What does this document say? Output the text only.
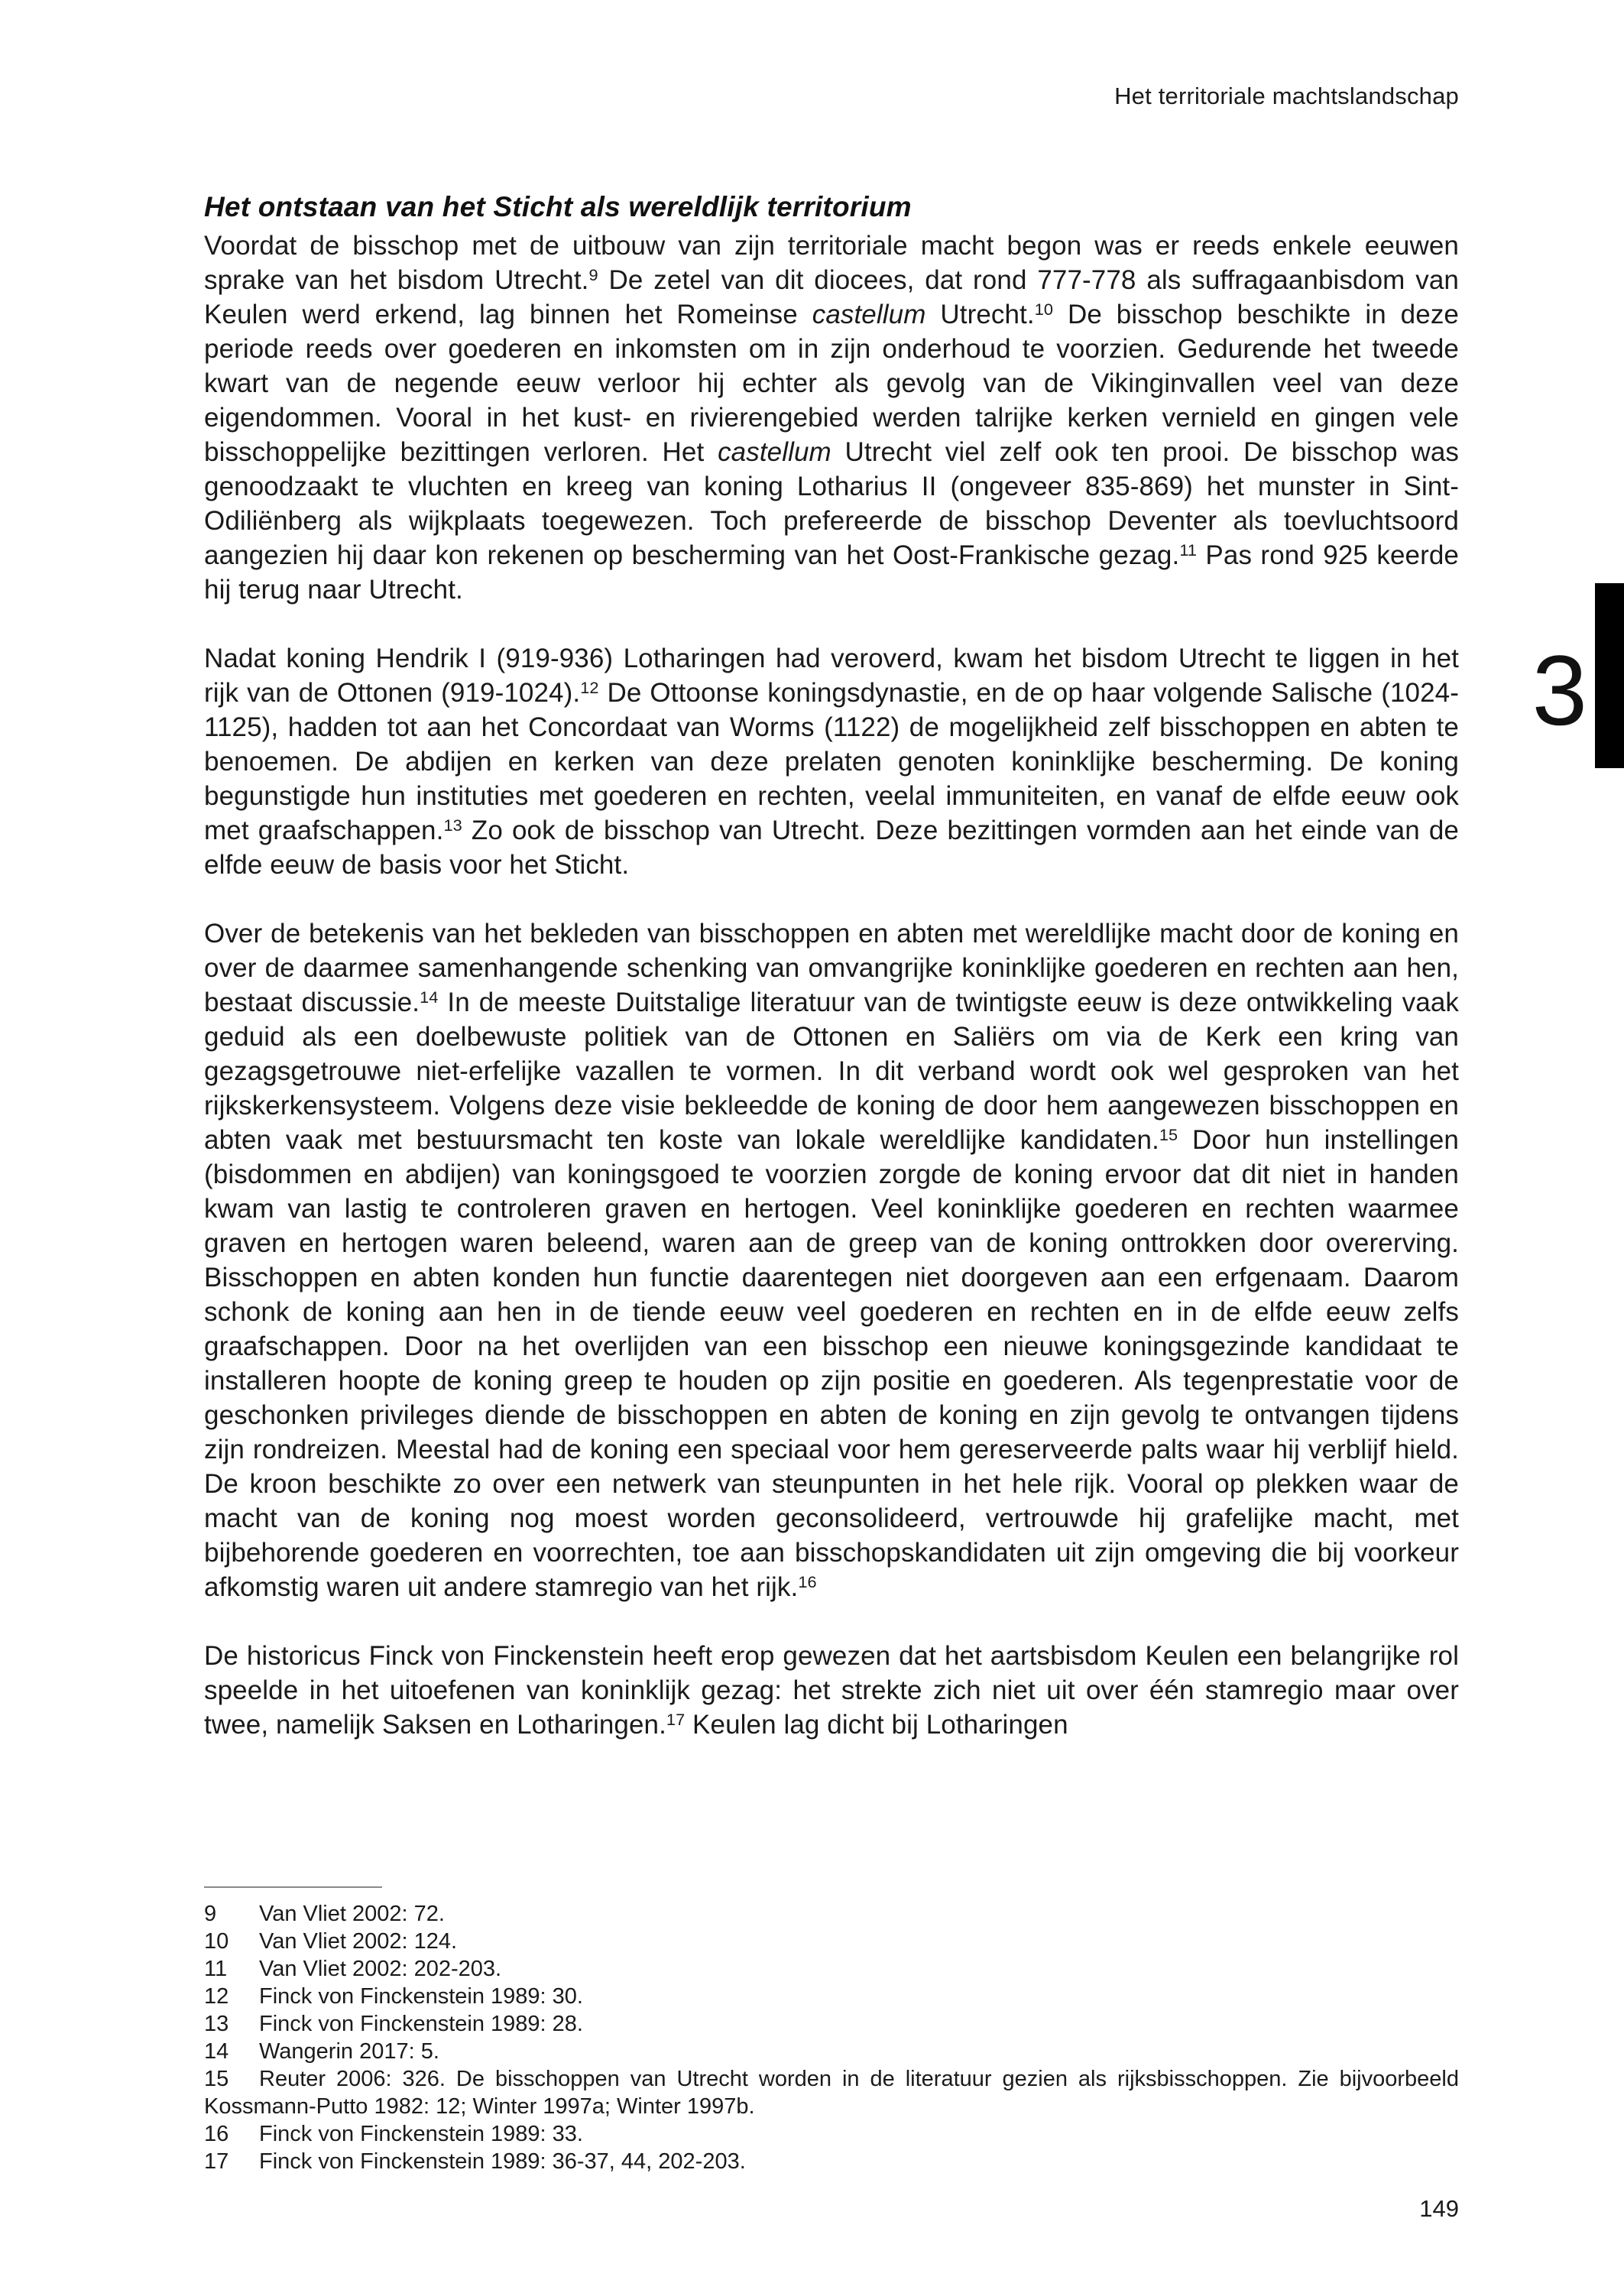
Het territoriale machtslandschap
3
Het ontstaan van het Sticht als wereldlijk territorium

Voordat de bisschop met de uitbouw van zijn territoriale macht begon was er reeds enkele eeuwen sprake van het bisdom Utrecht.$^9$ De zetel van dit diocees, dat rond 777-778 als suffragaanbisdom van Keulen werd erkend, lag binnen het Romeinse castellum Utrecht.$^{10}$ De bisschop beschikte in deze periode reeds over goederen en inkomsten om in zijn onderhoud te voorzien. Gedurende het tweede kwart van de negende eeuw verloor hij echter als gevolg van de Vikinginvallen veel van deze eigendommen. Vooral in het kust- en rivierengebied werden talrijke kerken vernield en gingen vele bisschoppelijke bezittingen verloren. Het castellum Utrecht viel zelf ook ten prooi. De bisschop was genoodzaakt te vluchten en kreeg van koning Lotharius II (ongeveer 835-869) het munster in Sint-Odiliënberg als wijkplaats toegewezen. Toch prefereerde de bisschop Deventer als toevluchtsoord aangezien hij daar kon rekenen op bescherming van het Oost-Frankische gezag.$^{11}$ Pas rond 925 keerde hij terug naar Utrecht.

Nadat koning Hendrik I (919-936) Lotharingen had veroverd, kwam het bisdom Utrecht te liggen in het rijk van de Ottonen (919-1024).$^{12}$ De Ottoonse koningsdynastie, en de op haar volgende Salische (1024-1125), hadden tot aan het Concordaat van Worms (1122) de mogelijkheid zelf bisschoppen en abten te benoemen. De abdijen en kerken van deze prelaten genoten koninklijke bescherming. De koning begunstigde hun instituties met goederen en rechten, veelal immuniteiten, en vanaf de elfde eeuw ook met graafschappen.$^{13}$ Zo ook de bisschop van Utrecht. Deze bezittingen vormden aan het einde van de elfde eeuw de basis voor het Sticht.

Over de betekenis van het bekleden van bisschoppen en abten met wereldlijke macht door de koning en over de daarmee samenhangende schenking van omvangrijke koninklijke goederen en rechten aan hen, bestaat discussie.$^{14}$ In de meeste Duitstalige literatuur van de twintigste eeuw is deze ontwikkeling vaak geduid als een doelbewuste politiek van de Ottonen en Saliërs om via de Kerk een kring van gezagsgetrouwe niet-erfelijke vazallen te vormen. In dit verband wordt ook wel gesproken van het rijkskerkensysteem. Volgens deze visie bekleedde de koning de door hem aangewezen bisschoppen en abten vaak met bestuursmacht ten koste van lokale wereldlijke kandidaten.$^{15}$ Door hun instellingen (bisdommen en abdijen) van koningsgoed te voorzien zorgde de koning ervoor dat dit niet in handen kwam van lastig te controleren graven en hertogen. Veel koninklijke goederen en rechten waarmee graven en hertogen waren beleend, waren aan de greep van de koning onttrokken door overerving. Bisschoppen en abten konden hun functie daarentegen niet doorgeven aan een erfgenaam. Daarom schonk de koning aan hen in de tiende eeuw veel goederen en rechten en in de elfde eeuw zelfs graafschappen. Door na het overlijden van een bisschop een nieuwe koningsgezinde kandidaat te installeren hoopte de koning greep te houden op zijn positie en goederen. Als tegenprestatie voor de geschonken privileges diende de bisschoppen en abten de koning en zijn gevolg te ontvangen tijdens zijn rondreizen. Meestal had de koning een speciaal voor hem gereserveerde palts waar hij verblijf hield. De kroon beschikte zo over een netwerk van steunpunten in het hele rijk. Vooral op plekken waar de macht van de koning nog moest worden geconsolideerd, vertrouwde hij grafelijke macht, met bijbehorende goederen en voorrechten, toe aan bisschopskandidaten uit zijn omgeving die bij voorkeur afkomstig waren uit andere stamregio van het rijk.$^{16}$

De historicus Finck von Finckenstein heeft erop gewezen dat het aartsbisdom Keulen een belangrijke rol speelde in het uitoefenen van koninklijk gezag: het strekte zich niet uit over één stamregio maar over twee, namelijk Saksen en Lotharingen.$^{17}$ Keulen lag dicht bij Lotharingen

9 Van Vliet 2002: 72.

10 Van Vliet 2002: 124.

11 Van Vliet 2002: 202-203.

12 Finck von Finckenstein 1989: 30.

13 Finck von Finckenstein 1989: 28.

14 Wangerin 2017: 5.

15 Reuter 2006: 326. De bisschoppen van Utrecht worden in de literatuur gezien als rijksbisschoppen. Zie bijvoorbeeld Kossmann-Putto 1982: 12; Winter 1997a; Winter 1997b.

16 Finck von Finckenstein 1989: 33.

17 Finck von Finckenstein 1989: 36-37, 44, 202-203.

149
